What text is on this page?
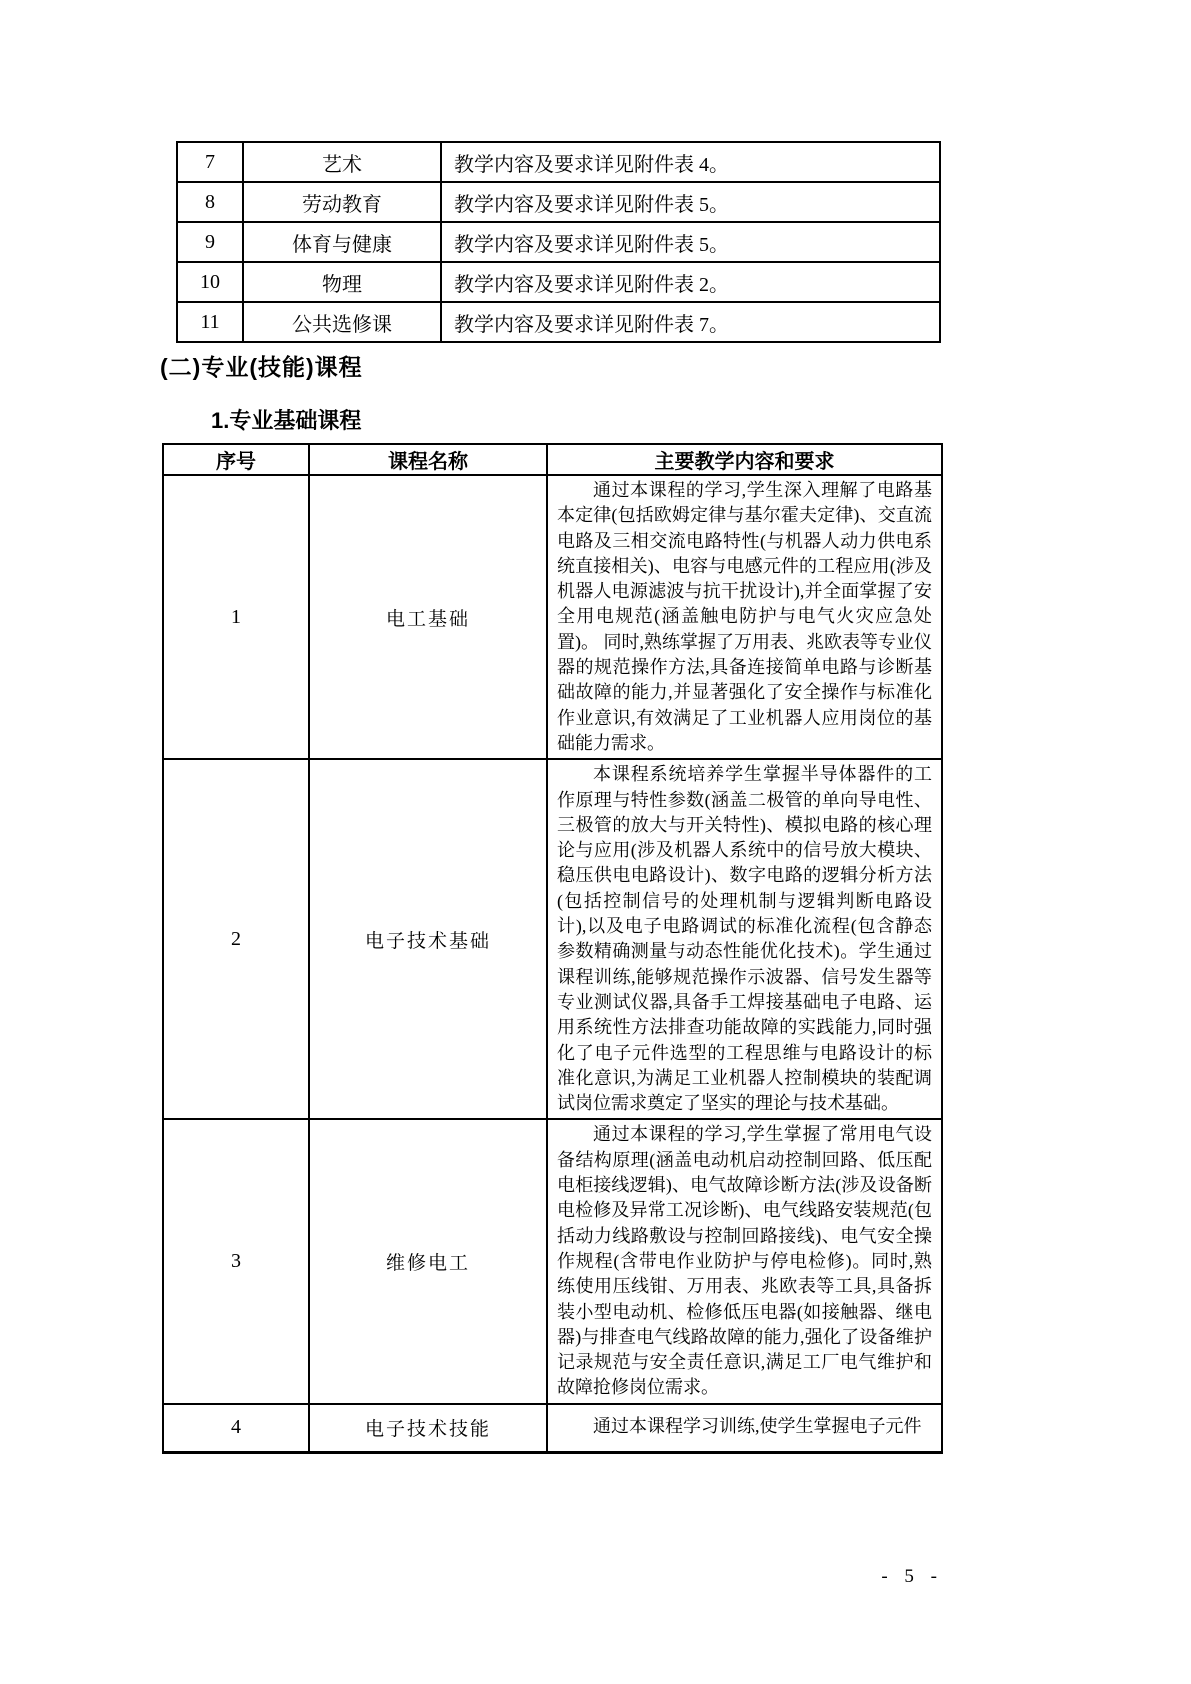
7	艺术	教学内容及要求详见附件表 4。
8	劳动教育	教学内容及要求详见附件表 5。
9	体育与健康	教学内容及要求详见附件表 5。
10	物理	教学内容及要求详见附件表 2。
11	公共选修课	教学内容及要求详见附件表 7。
(二)专业(技能)课程
1.专业基础课程
序号	课程名称	主要教学内容和要求
1	电工基础	通过本课程的学习,学生深入理解了电路基本定律(包括欧姆定律与基尔霍夫定律)、交直流电路及三相交流电路特性(与机器人动力供电系统直接相关)、电容与电感元件的工程应用(涉及机器人电源滤波与抗干扰设计),并全面掌握了安全用电规范(涵盖触电防护与电气火灾应急处置)。 同时,熟练掌握了万用表、兆欧表等专业仪器的规范操作方法,具备连接简单电路与诊断基础故障的能力,并显著强化了安全操作与标准化作业意识,有效满足了工业机器人应用岗位的基础能力需求。
2	电子技术基础	本课程系统培养学生掌握半导体器件的工作原理与特性参数(涵盖二极管的单向导电性、三极管的放大与开关特性)、模拟电路的核心理论与应用(涉及机器人系统中的信号放大模块、稳压供电电路设计)、数字电路的逻辑分析方法(包括控制信号的处理机制与逻辑判断电路设计),以及电子电路调试的标准化流程(包含静态参数精确测量与动态性能优化技术)。学生通过课程训练,能够规范操作示波器、信号发生器等专业测试仪器,具备手工焊接基础电子电路、运用系统性方法排查功能故障的实践能力,同时强化了电子元件选型的工程思维与电路设计的标准化意识,为满足工业机器人控制模块的装配调试岗位需求奠定了坚实的理论与技术基础。
3	维修电工	通过本课程的学习,学生掌握了常用电气设备结构原理(涵盖电动机启动控制回路、低压配电柜接线逻辑)、电气故障诊断方法(涉及设备断电检修及异常工况诊断)、电气线路安装规范(包括动力线路敷设与控制回路接线)、电气安全操作规程(含带电作业防护与停电检修)。同时,熟练使用压线钳、万用表、兆欧表等工具,具备拆装小型电动机、检修低压电器(如接触器、继电器)与排查电气线路故障的能力,强化了设备维护记录规范与安全责任意识,满足工厂电气维护和故障抢修岗位需求。
4	电子技术技能	通过本课程学习训练,使学生掌握电子元件
- 5 -
